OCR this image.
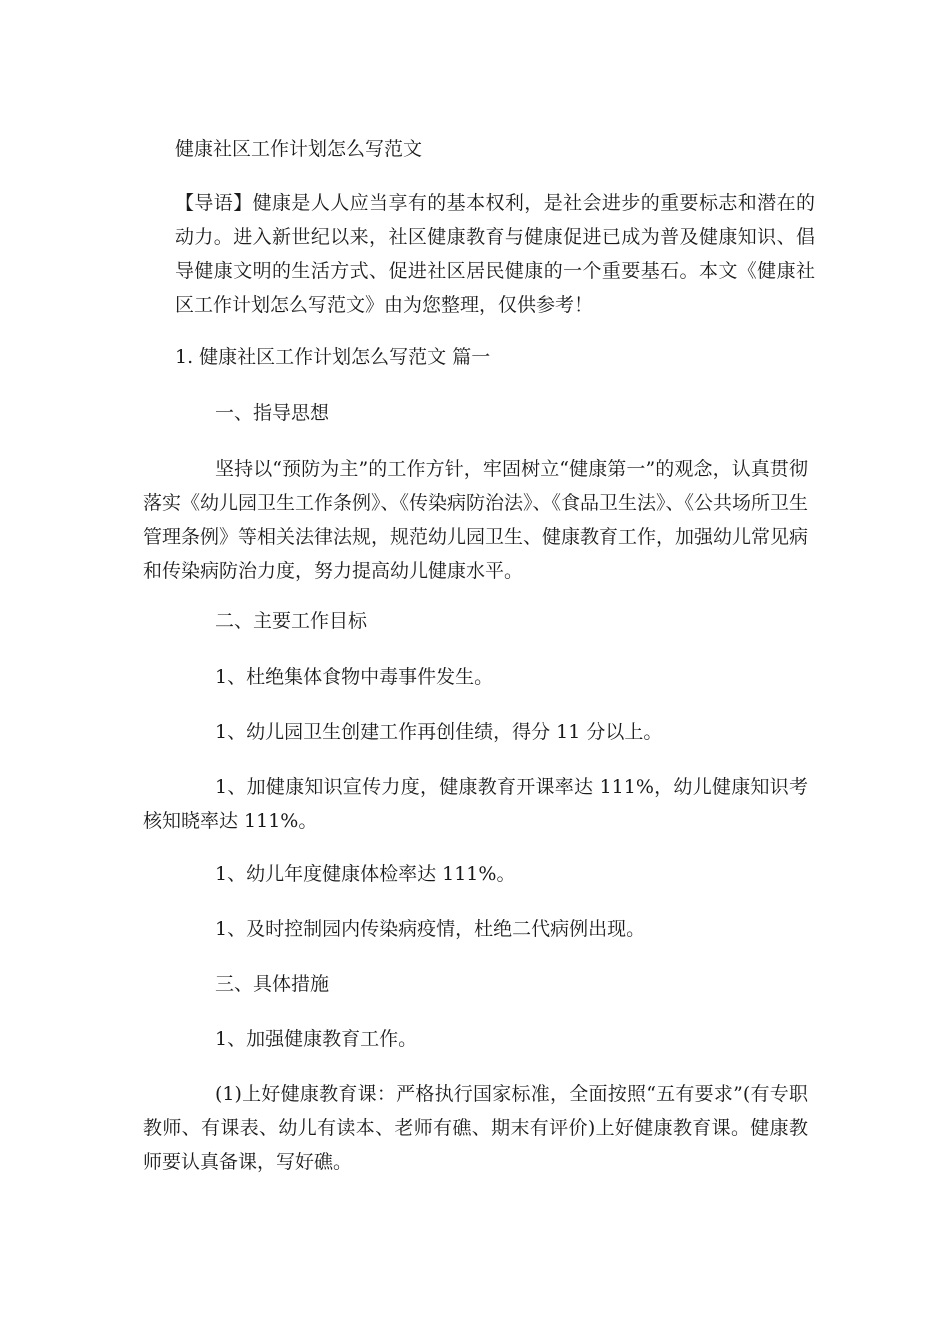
健康社区工作计划怎么写范文

【导语】健康是人人应当享有的基本权利，是社会进步的重要标志和潜在的动力。进入新世纪以来，社区健康教育与健康促进已成为普及健康知识、倡导健康文明的生活方式、促进社区居民健康的一个重要基石。本文《健康社区工作计划怎么写范文》由为您整理，仅供参考！

1. 健康社区工作计划怎么写范文 篇一

一、指导思想

坚持以“预防为主”的工作方针，牢固树立“健康第一”的观念，认真贯彻落实《幼儿园卫生工作条例》、《传染病防治法》、《食品卫生法》、《公共场所卫生管理条例》等相关法律法规，规范幼儿园卫生、健康教育工作，加强幼儿常见病和传染病防治力度，努力提高幼儿健康水平。

二、主要工作目标

1、杜绝集体食物中毒事件发生。

1、幼儿园卫生创建工作再创佳绩，得分 11 分以上。

1、加健康知识宣传力度，健康教育开课率达 111%，幼儿健康知识考核知晓率达 111%。

1、幼儿年度健康体检率达 111%。

1、及时控制园内传染病疫情，杜绝二代病例出现。

三、具体措施

1、加强健康教育工作。

(1)上好健康教育课：严格执行国家标准，全面按照“五有要求”(有专职教师、有课表、幼儿有读本、老师有礁、期末有评价)上好健康教育课。健康教师要认真备课，写好礁。
